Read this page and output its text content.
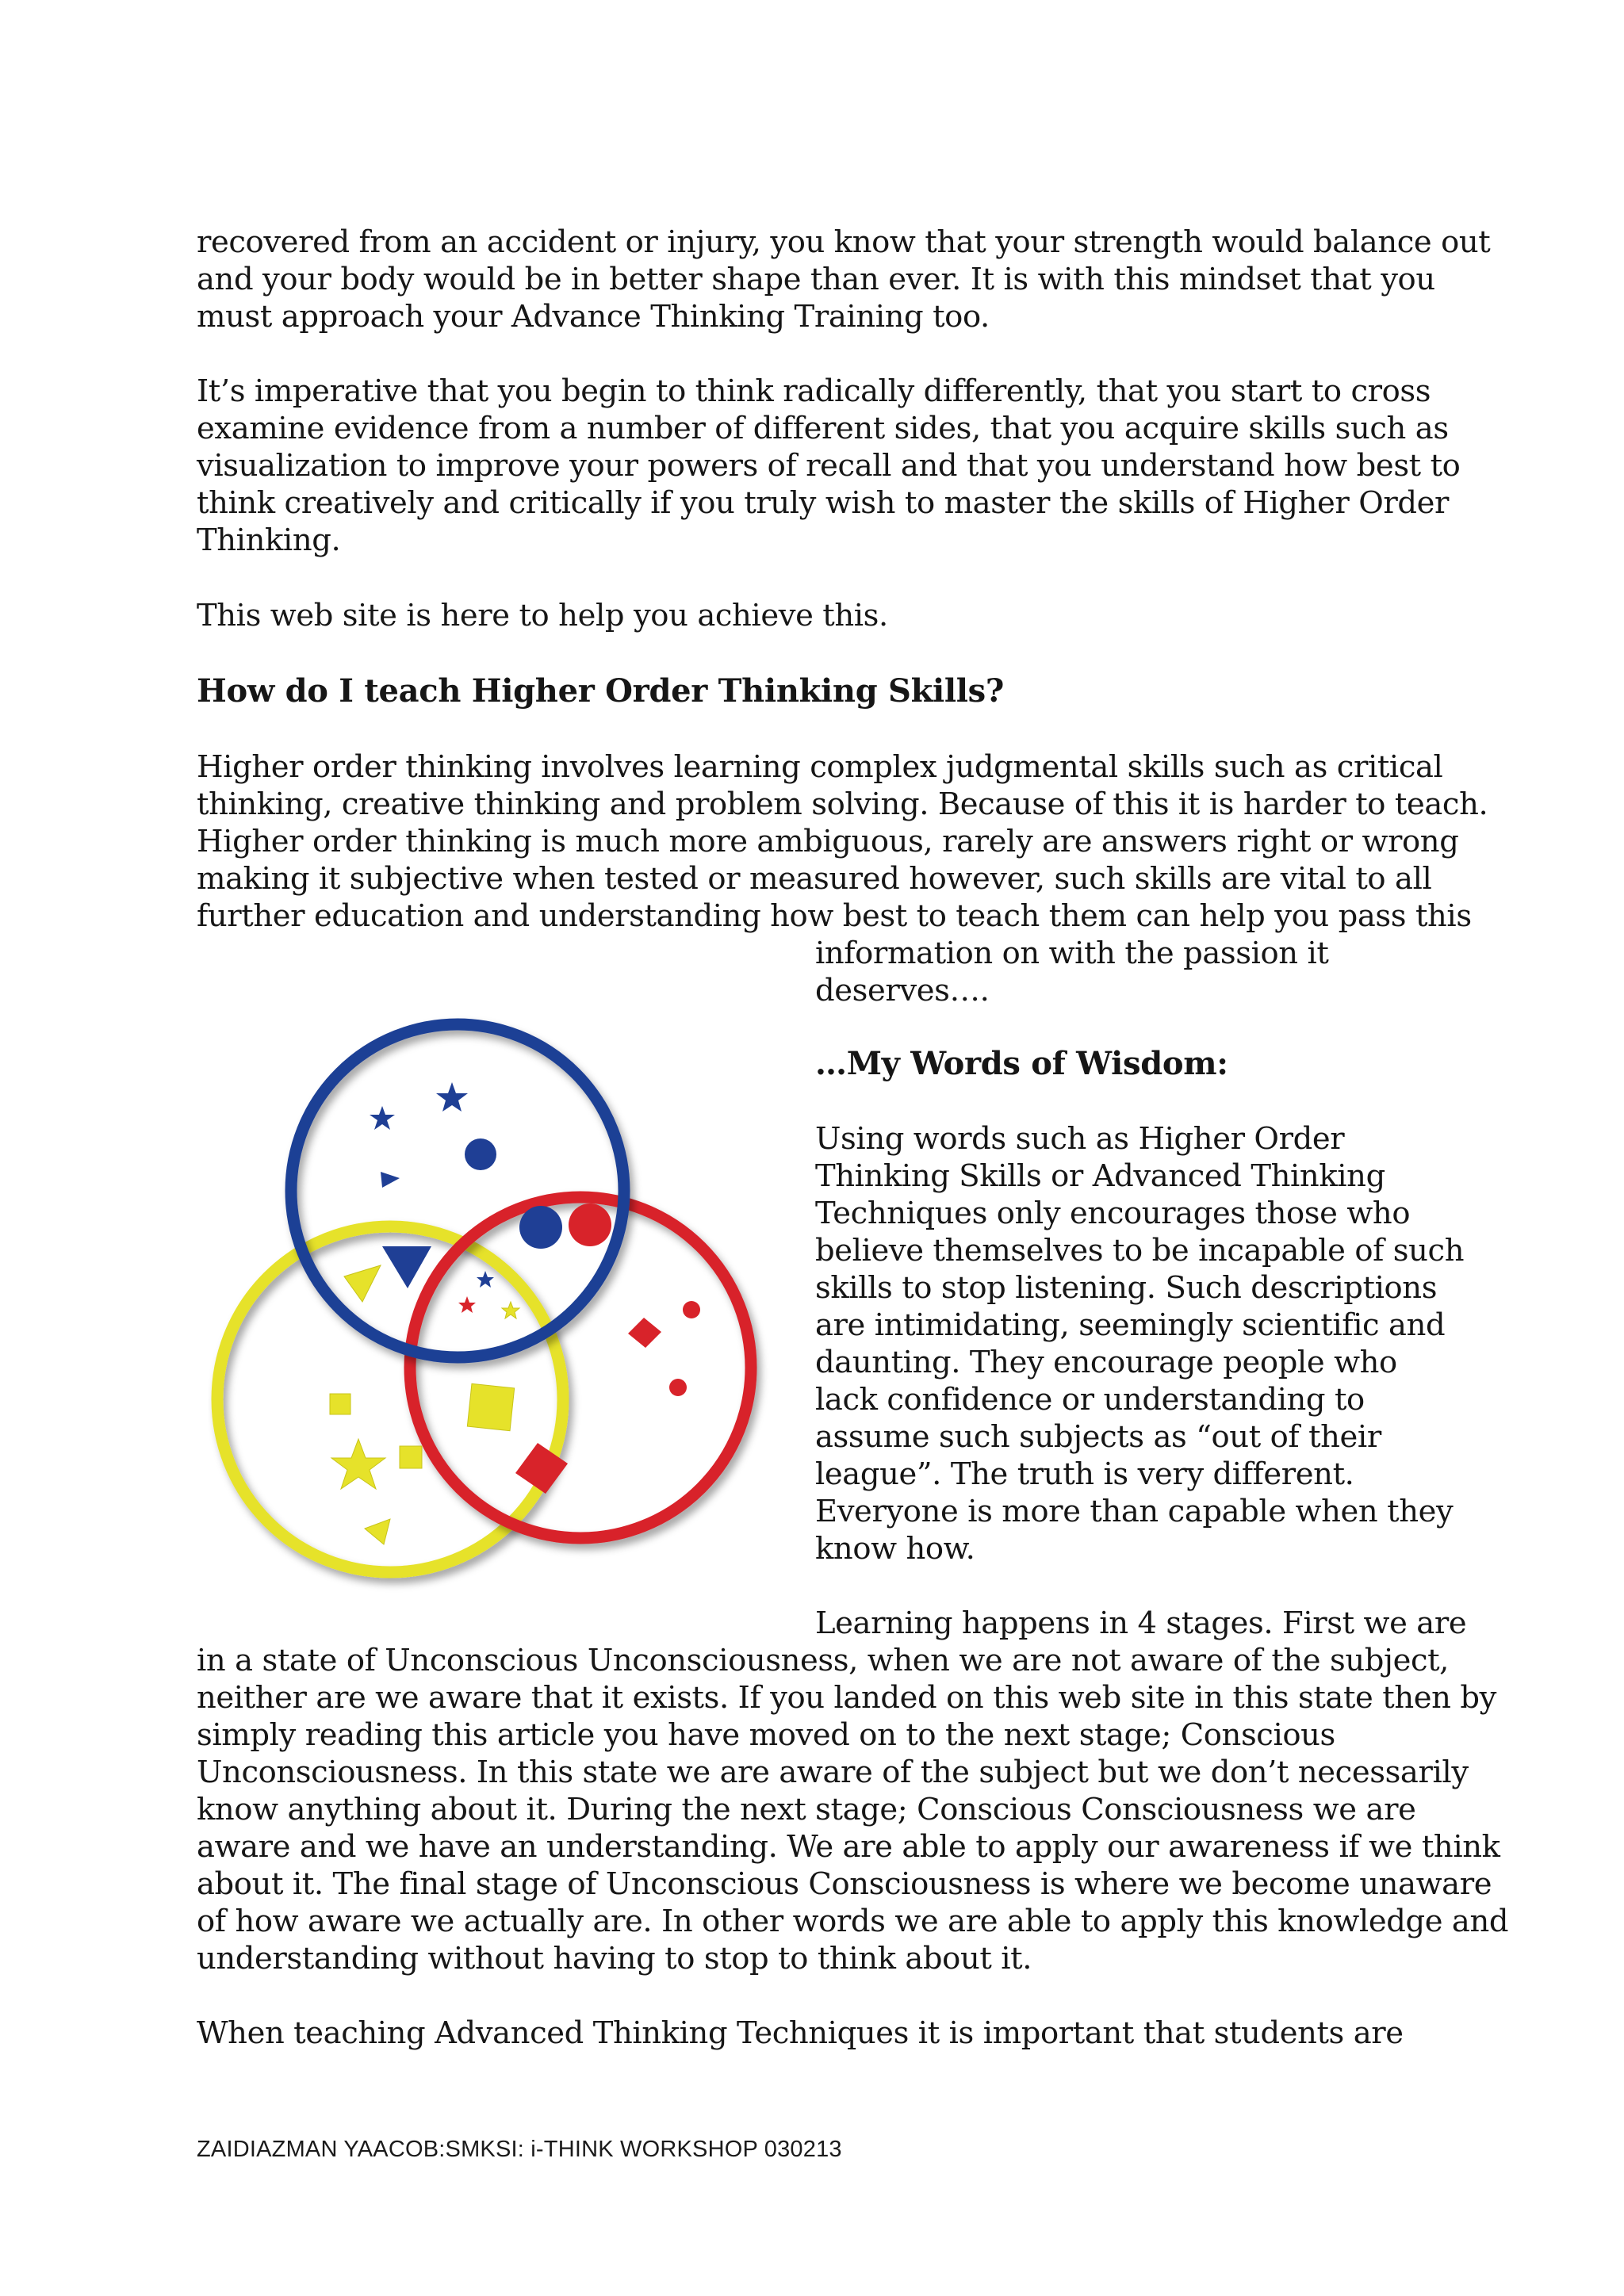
recovered from an accident or injury, you know that your strength would balance out
and your body would be in better shape than ever. It is with this mindset that you
must approach your Advance Thinking Training too.
It’s imperative that you begin to think radically differently, that you start to cross
examine evidence from a number of different sides, that you acquire skills such as
visualization to improve your powers of recall and that you understand how best to
think creatively and critically if you truly wish to master the skills of Higher Order
Thinking.
This web site is here to help you achieve this.
How do I teach Higher Order Thinking Skills?
Higher order thinking involves learning complex judgmental skills such as critical
thinking, creative thinking and problem solving. Because of this it is harder to teach.
Higher order thinking is much more ambiguous, rarely are answers right or wrong
making it subjective when tested or measured however, such skills are vital to all
further education and understanding how best to teach them can help you pass this
information on with the passion it
deserves….
…My Words of Wisdom:
Using words such as Higher Order
Thinking Skills or Advanced Thinking
Techniques only encourages those who
believe themselves to be incapable of such
skills to stop listening. Such descriptions
are intimidating, seemingly scientific and
daunting. They encourage people who
lack confidence or understanding to
assume such subjects as “out of their
league”. The truth is very different.
Everyone is more than capable when they
know how.
Learning happens in 4 stages. First we are
in a state of Unconscious Unconsciousness, when we are not aware of the subject,
neither are we aware that it exists. If you landed on this web site in this state then by
simply reading this article you have moved on to the next stage; Conscious
Unconsciousness. In this state we are aware of the subject but we don’t necessarily
know anything about it. During the next stage; Conscious Consciousness we are
aware and we have an understanding. We are able to apply our awareness if we think
about it. The final stage of Unconscious Consciousness is where we become unaware
of how aware we actually are. In other words we are able to apply this knowledge and
understanding without having to stop to think about it.
When teaching Advanced Thinking Techniques it is important that students are
ZAIDIAZMAN YAACOB:SMKSI: i-THINK WORKSHOP 030213
